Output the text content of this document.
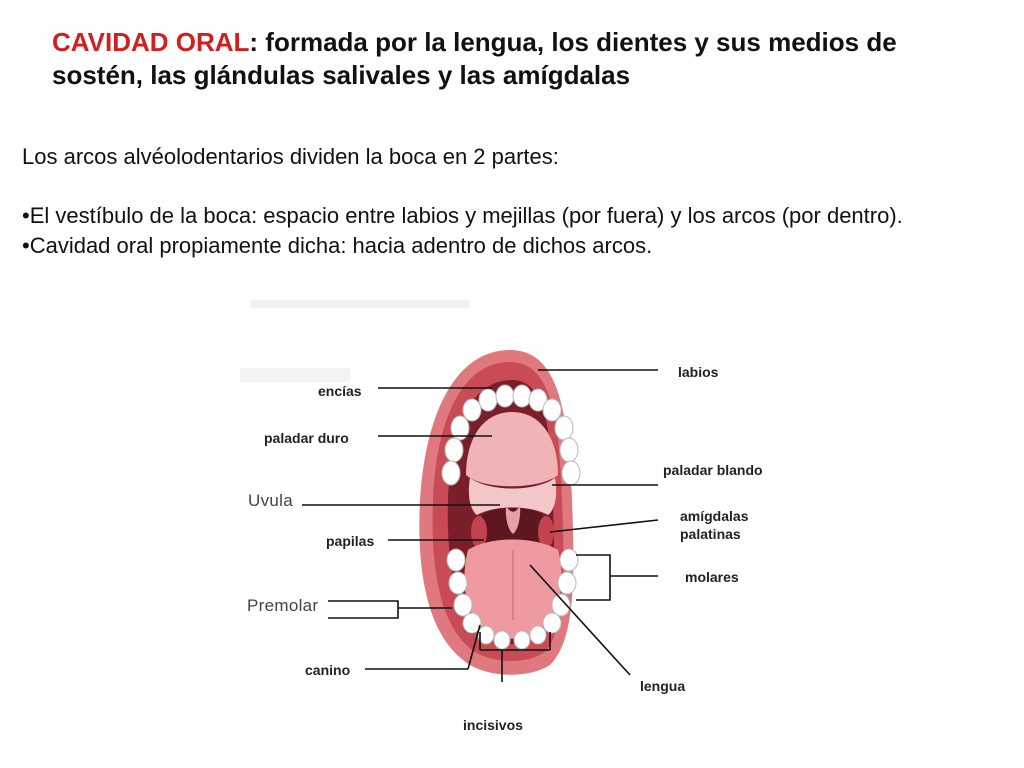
CAVIDAD ORAL: formada por la lengua, los dientes y sus medios de sostén, las glándulas salivales y las amígdalas

Los arcos alvéolodentarios dividen la boca en 2 partes:

•El vestíbulo de la boca: espacio entre labios y mejillas (por fuera) y los arcos (por dentro).
•Cavidad oral propiamente dicha: hacia adentro de dichos arcos.
encías
paladar duro
Uvula
papilas
Premolar
canino
incisivos
labios
paladar blando
amígdalas palatinas
molares
lengua
